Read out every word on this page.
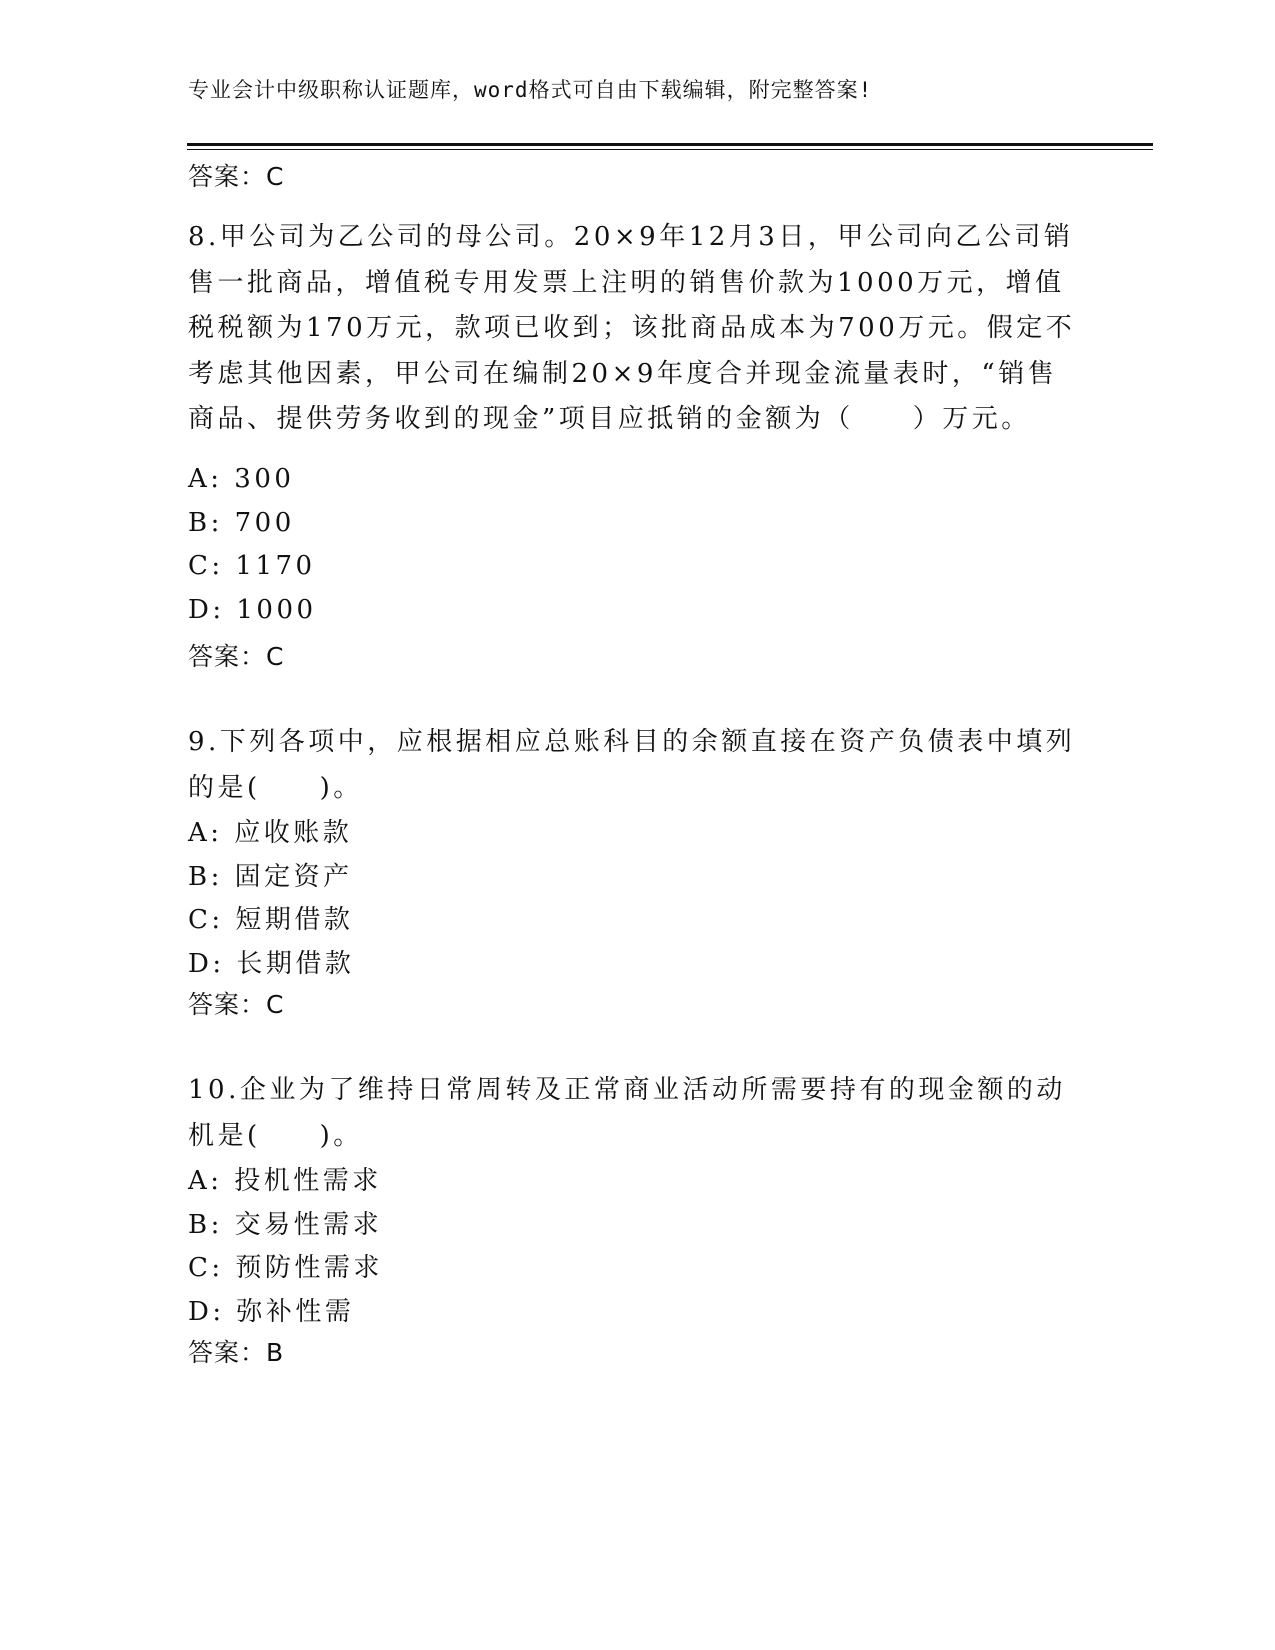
专业会计中级职称认证题库，word格式可自由下载编辑，附完整答案!
答案：C
8.甲公司为乙公司的母公司。20×9年12月3日，甲公司向乙公司销售一批商品，增值税专用发票上注明的销售价款为1000万元，增值税税额为170万元，款项已收到；该批商品成本为700万元。假定不考虑其他因素，甲公司在编制20×9年度合并现金流量表时，“销售商品、提供劳务收到的现金”项目应抵销的金额为（　　）万元。
A: 300
B: 700
C: 1170
D: 1000
答案：C
9.下列各项中，应根据相应总账科目的余额直接在资产负债表中填列的是(　　)。
A: 应收账款
B: 固定资产
C: 短期借款
D: 长期借款
答案：C
10.企业为了维持日常周转及正常商业活动所需要持有的现金额的动机是(　　)。
A: 投机性需求
B: 交易性需求
C: 预防性需求
D: 弥补性需
答案：B
